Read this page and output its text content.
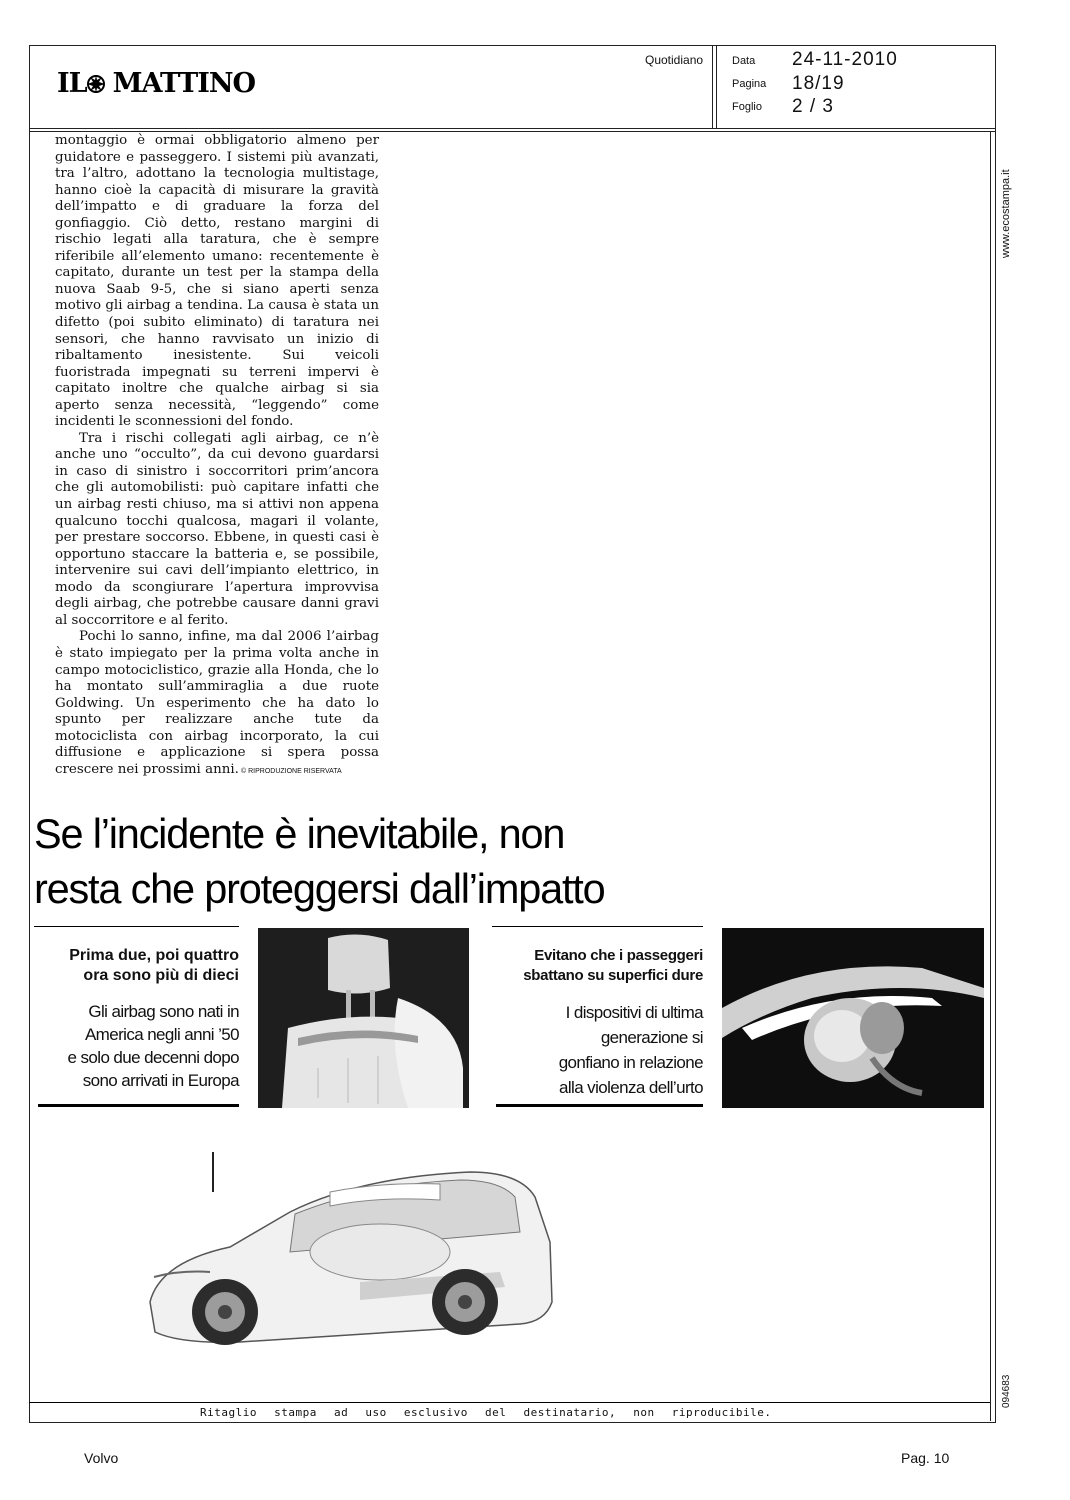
IL MATTINO
Quotidiano	Data 24-11-2010
Pagina 18/19
Foglio 2 / 3
www.ecostampa.it
094683

montaggio è ormai obbligatorio almeno per guidatore e passeggero. I sistemi più avanzati, tra l’altro, adottano la tecnologia multistage, hanno cioè la capacità di misurare la gravità dell’impatto e di graduare la forza del gonfiaggio. Ciò detto, restano margini di rischio legati alla taratura, che è sempre riferibile all’elemento umano: recentemente è capitato, durante un test per la stampa della nuova Saab 9-5, che si siano aperti senza motivo gli airbag a tendina. La causa è stata un difetto (poi subito eliminato) di taratura nei sensori, che hanno ravvisato un inizio di ribaltamento inesistente. Sui veicoli fuoristrada impegnati su terreni impervi è capitato inoltre che qualche airbag si sia aperto senza necessità, “leggendo” come incidenti le sconnessioni del fondo.

Tra i rischi collegati agli airbag, ce n’è anche uno “occulto”, da cui devono guardarsi in caso di sinistro i soccorritori prim’ancora che gli automobilisti: può capitare infatti che un airbag resti chiuso, ma si attivi non appena qualcuno tocchi qualcosa, magari il volante, per prestare soccorso. Ebbene, in questi casi è opportuno staccare la batteria e, se possibile, intervenire sui cavi dell’impianto elettrico, in modo da scongiurare l’apertura improvvisa degli airbag, che potrebbe causare danni gravi al soccorritore e al ferito.

Pochi lo sanno, infine, ma dal 2006 l’airbag è stato impiegato per la prima volta anche in campo motociclistico, grazie alla Honda, che lo ha montato sull’ammiraglia a due ruote Goldwing. Un esperimento che ha dato lo spunto per realizzare anche tute da motociclista con airbag incorporato, la cui diffusione e applicazione si spera possa crescere nei prossimi anni. © RIPRODUZIONE RISERVATA
Se l’incidente è inevitabile, non
resta che proteggersi dall’impatto
Prima due, poi quattro
ora sono più di dieci
Gli airbag sono nati in
America negli anni ’50
e solo due decenni dopo
sono arrivati in Europa
Evitano che i passeggeri
sbattano su superfici dure
I dispositivi di ultima
generazione si
gonfiano in relazione
alla violenza dell’urto
Ritaglio stampa ad uso esclusivo del destinatario, non riproducibile.
Volvo	Pag. 10
